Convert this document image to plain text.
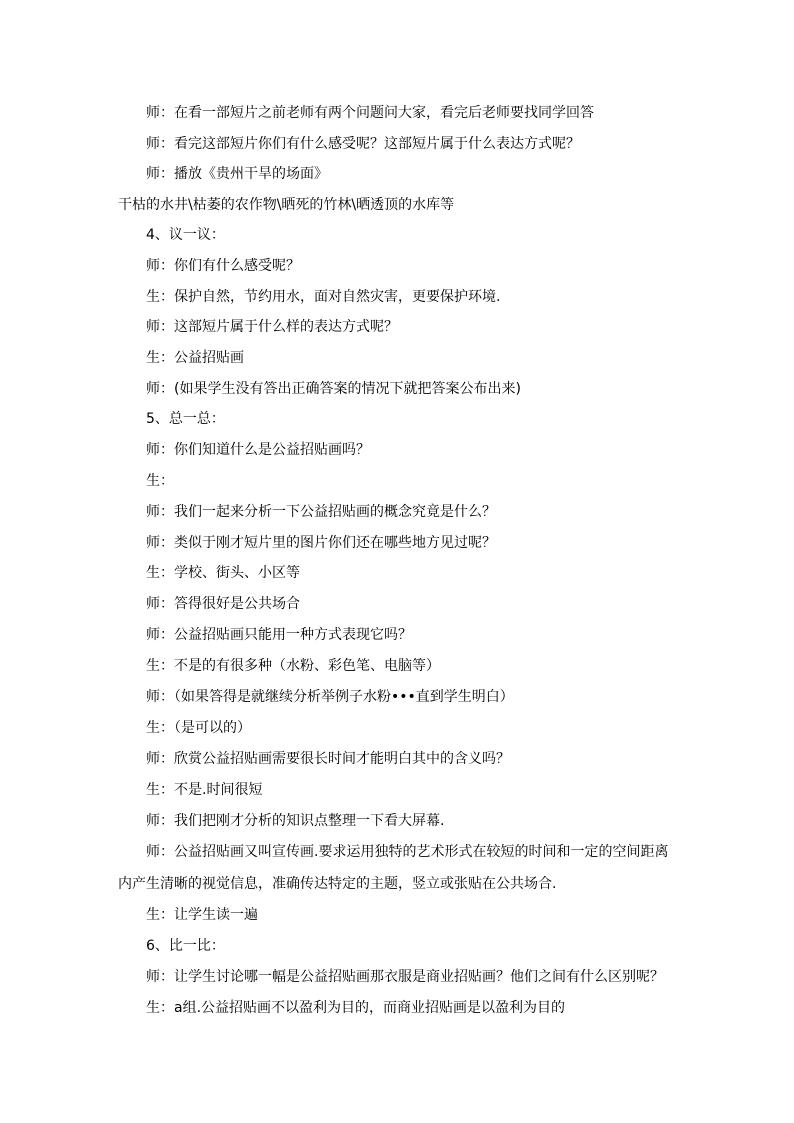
师：在看一部短片之前老师有两个问题问大家，看完后老师要找同学回答
师：看完这部短片你们有什么感受呢？这部短片属于什么表达方式呢？
师：播放《贵州干旱的场面》
干枯的水井\枯萎的农作物\晒死的竹林\晒透顶的水库等
4、议一议：
师：你们有什么感受呢？
生：保护自然，节约用水，面对自然灾害，更要保护环境.
师：这部短片属于什么样的表达方式呢？
生：公益招贴画
师：(如果学生没有答出正确答案的情况下就把答案公布出来)
5、总一总：
师：你们知道什么是公益招贴画吗？
生：
师：我们一起来分析一下公益招贴画的概念究竟是什么？
师：类似于刚才短片里的图片你们还在哪些地方见过呢？
生：学校、街头、小区等
师：答得很好是公共场合
师：公益招贴画只能用一种方式表现它吗？
生：不是的有很多种（水粉、彩色笔、电脑等）
师：（如果答得是就继续分析举例子水粉•••直到学生明白）
生：（是可以的）
师：欣赏公益招贴画需要很长时间才能明白其中的含义吗？
生：不是.时间很短
师：我们把刚才分析的知识点整理一下看大屏幕.
师：公益招贴画又叫宣传画.要求运用独特的艺术形式在较短的时间和一定的空间距离
内产生清晰的视觉信息，准确传达特定的主题，竖立或张贴在公共场合.
生：让学生读一遍
6、比一比：
师：让学生讨论哪一幅是公益招贴画那衣服是商业招贴画？他们之间有什么区别呢？
生：a组.公益招贴画不以盈利为目的，而商业招贴画是以盈利为目的
